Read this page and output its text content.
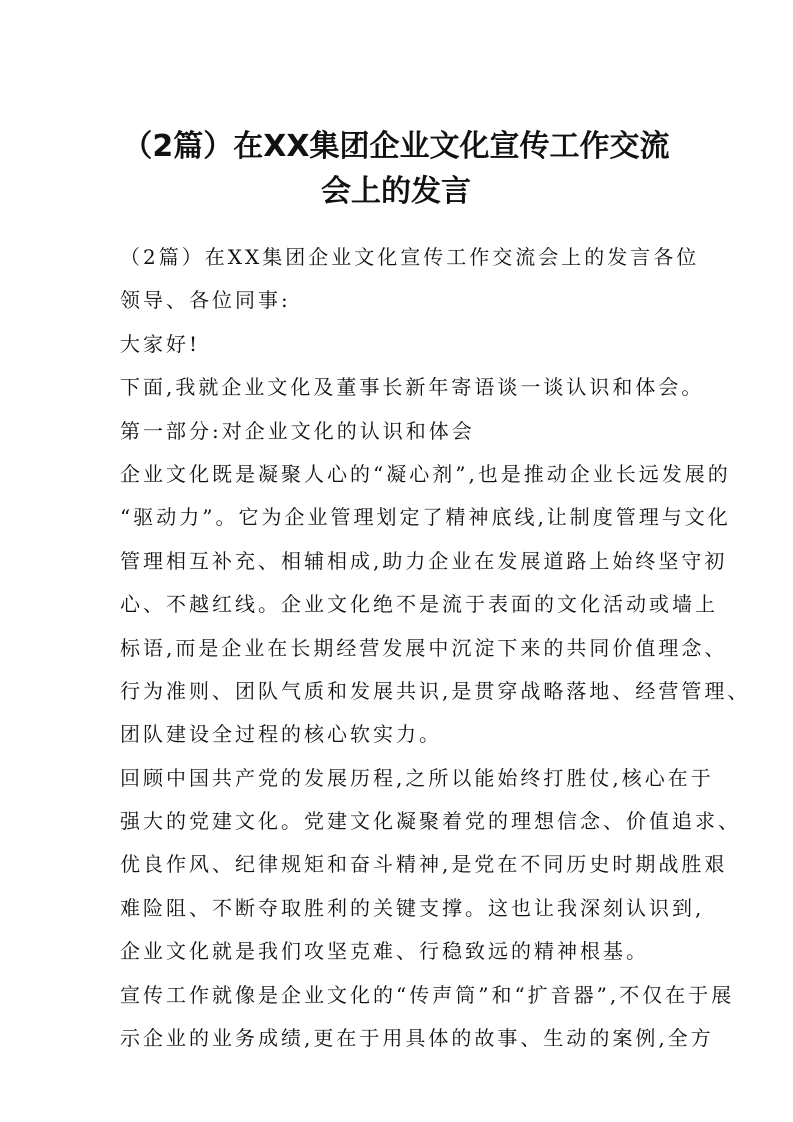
（2篇）在XX集团企业文化宣传工作交流
会上的发言
（2篇）在XX集团企业文化宣传工作交流会上的发言各位
领导、各位同事:
大家好!
下面,我就企业文化及董事长新年寄语谈一谈认识和体会。
第一部分:对企业文化的认识和体会
企业文化既是凝聚人心的“凝心剂”,也是推动企业长远发展的
“驱动力”。它为企业管理划定了精神底线,让制度管理与文化
管理相互补充、相辅相成,助力企业在发展道路上始终坚守初
心、不越红线。企业文化绝不是流于表面的文化活动或墙上
标语,而是企业在长期经营发展中沉淀下来的共同价值理念、
行为准则、团队气质和发展共识,是贯穿战略落地、经营管理、
团队建设全过程的核心软实力。
回顾中国共产党的发展历程,之所以能始终打胜仗,核心在于
强大的党建文化。党建文化凝聚着党的理想信念、价值追求、
优良作风、纪律规矩和奋斗精神,是党在不同历史时期战胜艰
难险阻、不断夺取胜利的关键支撑。这也让我深刻认识到,
企业文化就是我们攻坚克难、行稳致远的精神根基。
宣传工作就像是企业文化的“传声筒”和“扩音器”,不仅在于展
示企业的业务成绩,更在于用具体的故事、生动的案例,全方
